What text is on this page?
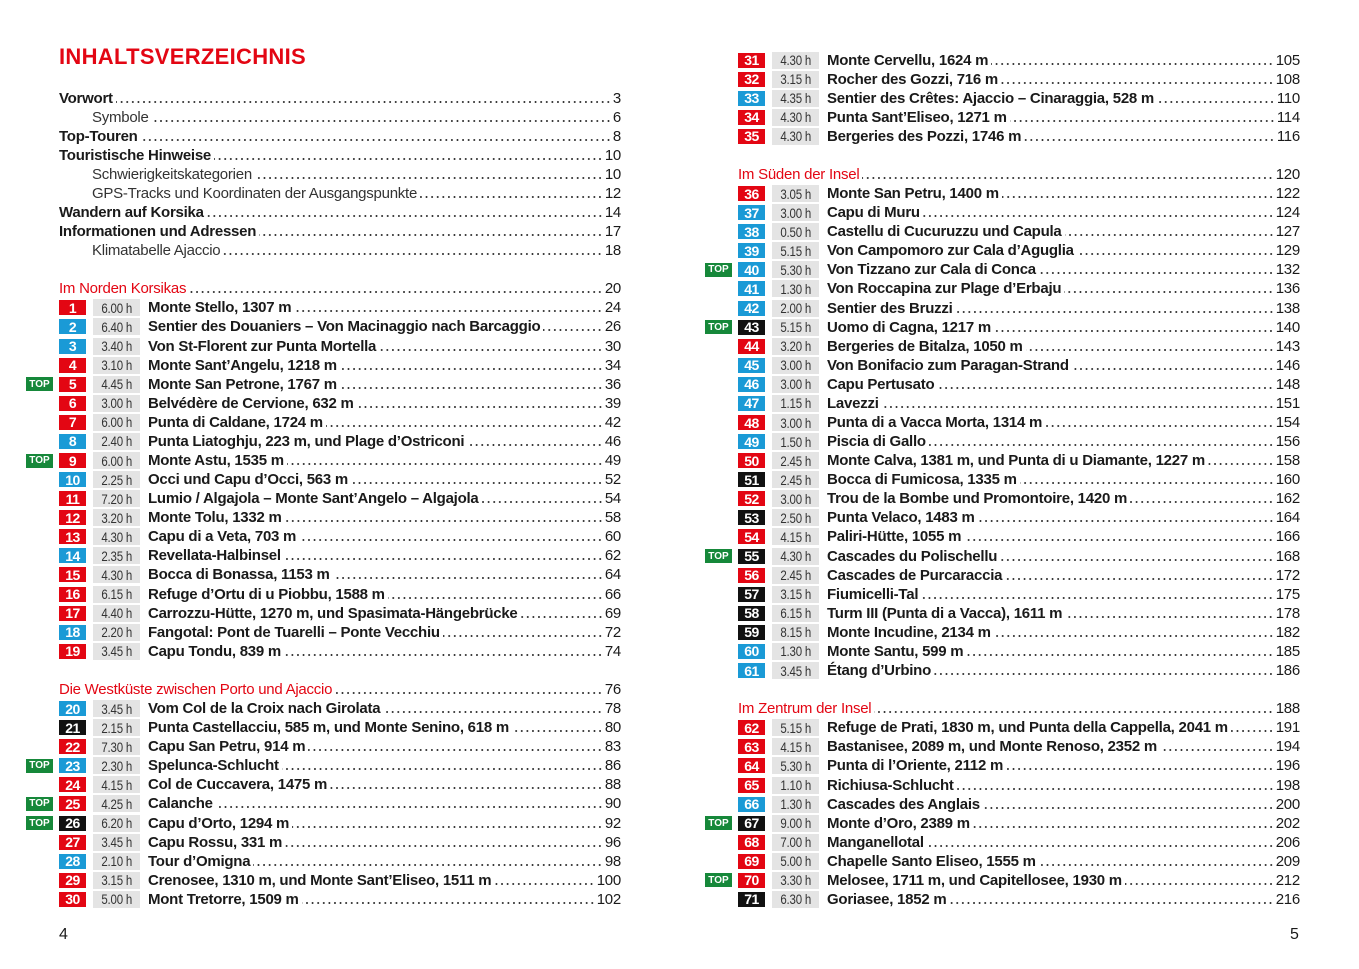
INHALTSVERZEICHNIS
Vorwort	3
Symbole	6
Top-Touren	8
Touristische Hinweise	10
Schwierigkeitskategorien	10
GPS-Tracks und Koordinaten der Ausgangspunkte	12
Wandern auf Korsika	14
Informationen und Adressen	17
Klimatabelle Ajaccio	18
Im Norden Korsikas	20
1	6.00 h Monte Stello, 1307 m	24
2	6.40 h Sentier des Douaniers – Von Macinaggio nach Barcaggio	26
3	3.40 h Von St-Florent zur Punta Mortella	30
4	3.10 h Monte Sant’Angelu, 1218 m	34
TOP	5	4.45 h Monte San Petrone, 1767 m	36
6	3.00 h Belvédère de Cervione, 632 m	39
7	6.00 h Punta di Caldane, 1724 m	42
8	2.40 h Punta Liatoghju, 223 m, und Plage d’Ostriconi	46
TOP	9	6.00 h Monte Astu, 1535 m	49
10	2.25 h Occi und Capu d’Occi, 563 m	52
11	7.20 h Lumio / Algajola – Monte Sant’Angelo – Algajola	54
12	3.20 h Monte Tolu, 1332 m	58
13	4.30 h Capu di a Veta, 703 m	60
14	2.35 h Revellata-Halbinsel	62
15	4.30 h Bocca di Bonassa, 1153 m	64
16	6.15 h Refuge d’Ortu di u Piobbu, 1588 m	66
17	4.40 h Carrozzu-Hütte, 1270 m, und Spasimata-Hängebrücke	69
18	2.20 h Fangotal: Pont de Tuarelli – Ponte Vecchiu	72
19	3.45 h Capu Tondu, 839 m	74
Die Westküste zwischen Porto und Ajaccio	76
20	3.45 h Vom Col de la Croix nach Girolata	78
21	2.15 h Punta Castellacciu, 585 m, und Monte Senino, 618 m	80
22	7.30 h Capu San Petru, 914 m	83
TOP	23	2.30 h Spelunca-Schlucht	86
24	4.15 h Col de Cuccavera, 1475 m	88
TOP	25	4.25 h Calanche	90
TOP	26	6.20 h Capu d’Orto, 1294 m	92
27	3.45 h Capu Rossu, 331 m	96
28	2.10 h Tour d’Omigna	98
29	3.15 h Crenosee, 1310 m, und Monte Sant’Eliseo, 1511 m	100
30	5.00 h Mont Tretorre, 1509 m	102
31	4.30 h Monte Cervellu, 1624 m	105
32	3.15 h Rocher des Gozzi, 716 m	108
33	4.35 h Sentier des Crêtes: Ajaccio – Cinaraggia, 528 m	110
34	4.30 h Punta Sant’Eliseo, 1271 m	114
35	4.30 h Bergeries des Pozzi, 1746 m	116
Im Süden der Insel	120
36	3.05 h Monte San Petru, 1400 m	122
37	3.00 h Capu di Muru	124
38	0.50 h Castellu di Cucuruzzu und Capula	127
39	5.15 h Von Campomoro zur Cala d’Aguglia	129
TOP	40	5.30 h Von Tizzano zur Cala di Conca	132
41	1.30 h Von Roccapina zur Plage d’Erbaju	136
42	2.00 h Sentier des Bruzzi	138
TOP	43	5.15 h Uomo di Cagna, 1217 m	140
44	3.20 h Bergeries de Bitalza, 1050 m	143
45	3.00 h Von Bonifacio zum Paragan-Strand	146
46	3.00 h Capu Pertusato	148
47	1.15 h Lavezzi	151
48	3.00 h Punta di a Vacca Morta, 1314 m	154
49	1.50 h Piscia di Gallo	156
50	2.45 h Monte Calva, 1381 m, und Punta di u Diamante, 1227 m	158
51	2.45 h Bocca di Fumicosa, 1335 m	160
52	3.00 h Trou de la Bombe und Promontoire, 1420 m	162
53	2.50 h Punta Velaco, 1483 m	164
54	4.15 h Paliri-Hütte, 1055 m	166
TOP	55	4.30 h Cascades du Polischellu	168
56	2.45 h Cascades de Purcaraccia	172
57	3.15 h Fiumicelli-Tal	175
58	6.15 h Turm III (Punta di a Vacca), 1611 m	178
59	8.15 h Monte Incudine, 2134 m	182
60	1.30 h Monte Santu, 599 m	185
61	3.45 h Étang d’Urbino	186
Im Zentrum der Insel	188
62	5.15 h Refuge de Prati, 1830 m, und Punta della Cappella, 2041 m	191
63	4.15 h Bastanisee, 2089 m, und Monte Renoso, 2352 m	194
64	5.30 h Punta di l’Oriente, 2112 m	196
65	1.10 h Richiusa-Schlucht	198
66	1.30 h Cascades des Anglais	200
TOP	67	9.00 h Monte d’Oro, 2389 m	202
68	7.00 h Manganellotal	206
69	5.00 h Chapelle Santo Eliseo, 1555 m	209
TOP	70	3.30 h Melosee, 1711 m, und Capitellosee, 1930 m	212
71	6.30 h Goriasee, 1852 m	216
4	5
